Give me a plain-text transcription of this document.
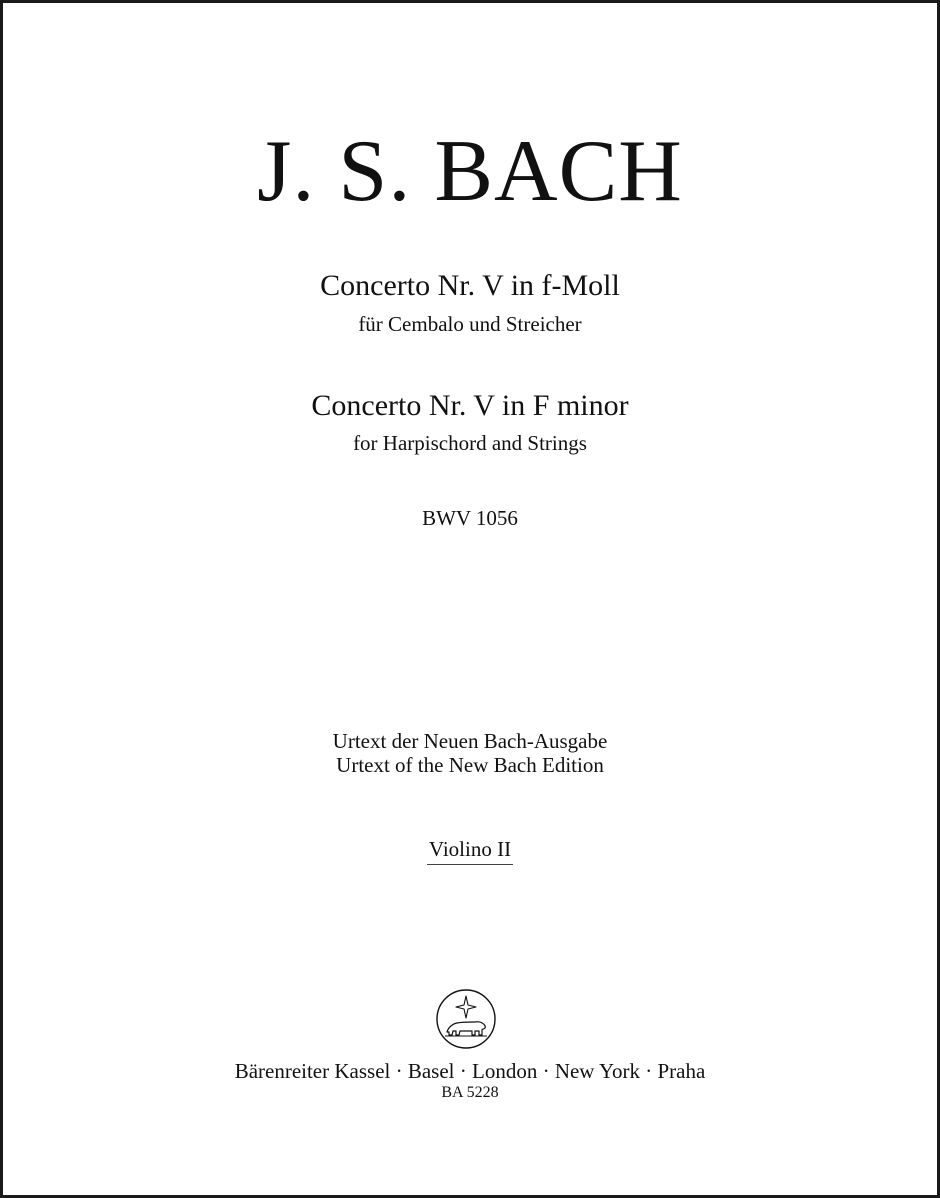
J. S. BACH
Concerto Nr. V in f-Moll
für Cembalo und Streicher
Concerto Nr. V in F minor
for Harpischord and Strings
BWV 1056
Urtext der Neuen Bach-Ausgabe
Urtext of the New Bach Edition
Violino II
Bärenreiter Kassel · Basel · London · New York · Praha
BA 5228
